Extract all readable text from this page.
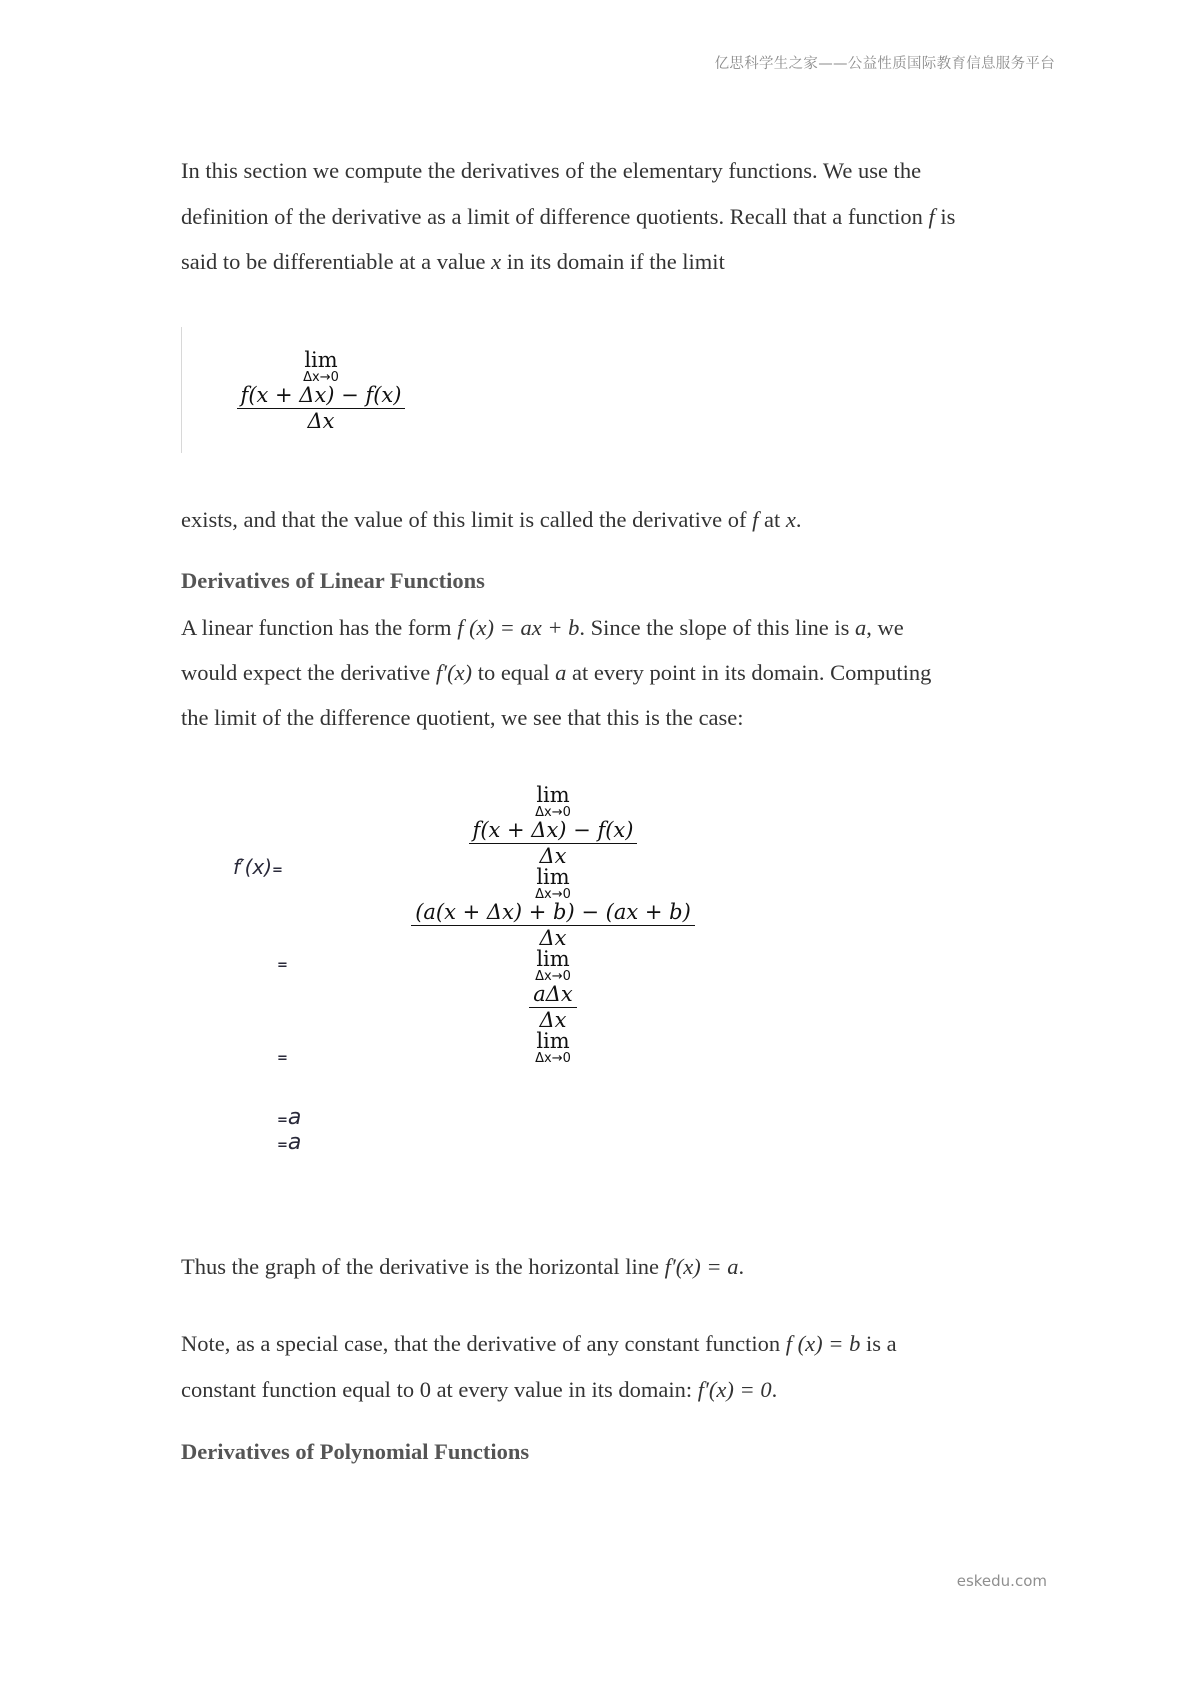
亿思科学生之家——公益性质国际教育信息服务平台
In this section we compute the derivatives of the elementary functions. We use the
definition of the derivative as a limit of difference quotients. Recall that a function f is
said to be differentiable at a value x in its domain if the limit
lim
Δx→0
$\frac{f(x + \Delta x) - f(x)}{\Delta x}$
exists, and that the value of this limit is called the derivative of f at x.
Derivatives of Linear Functions
A linear function has the form f (x) = ax + b. Since the slope of this line is a, we
would expect the derivative f′(x) to equal a at every point in its domain. Computing
the limit of the difference quotient, we see that this is the case:
f′(x)=
=
=
=a
=a
lim
Δx→0
$\frac{f(x + \Delta x) - f(x)}{\Delta x}$
lim
Δx→0
$\frac{(a(x + \Delta x) + b) - (ax + b)}{\Delta x}$
lim
Δx→0
$\frac{\text{aΔx}}{\Delta x}$
lim
Δx→0
Thus the graph of the derivative is the horizontal line f′(x) = a.
Note, as a special case, that the derivative of any constant function f (x) = b is a
constant function equal to 0 at every value in its domain: f′(x) = 0.
Derivatives of Polynomial Functions
eskedu.com
